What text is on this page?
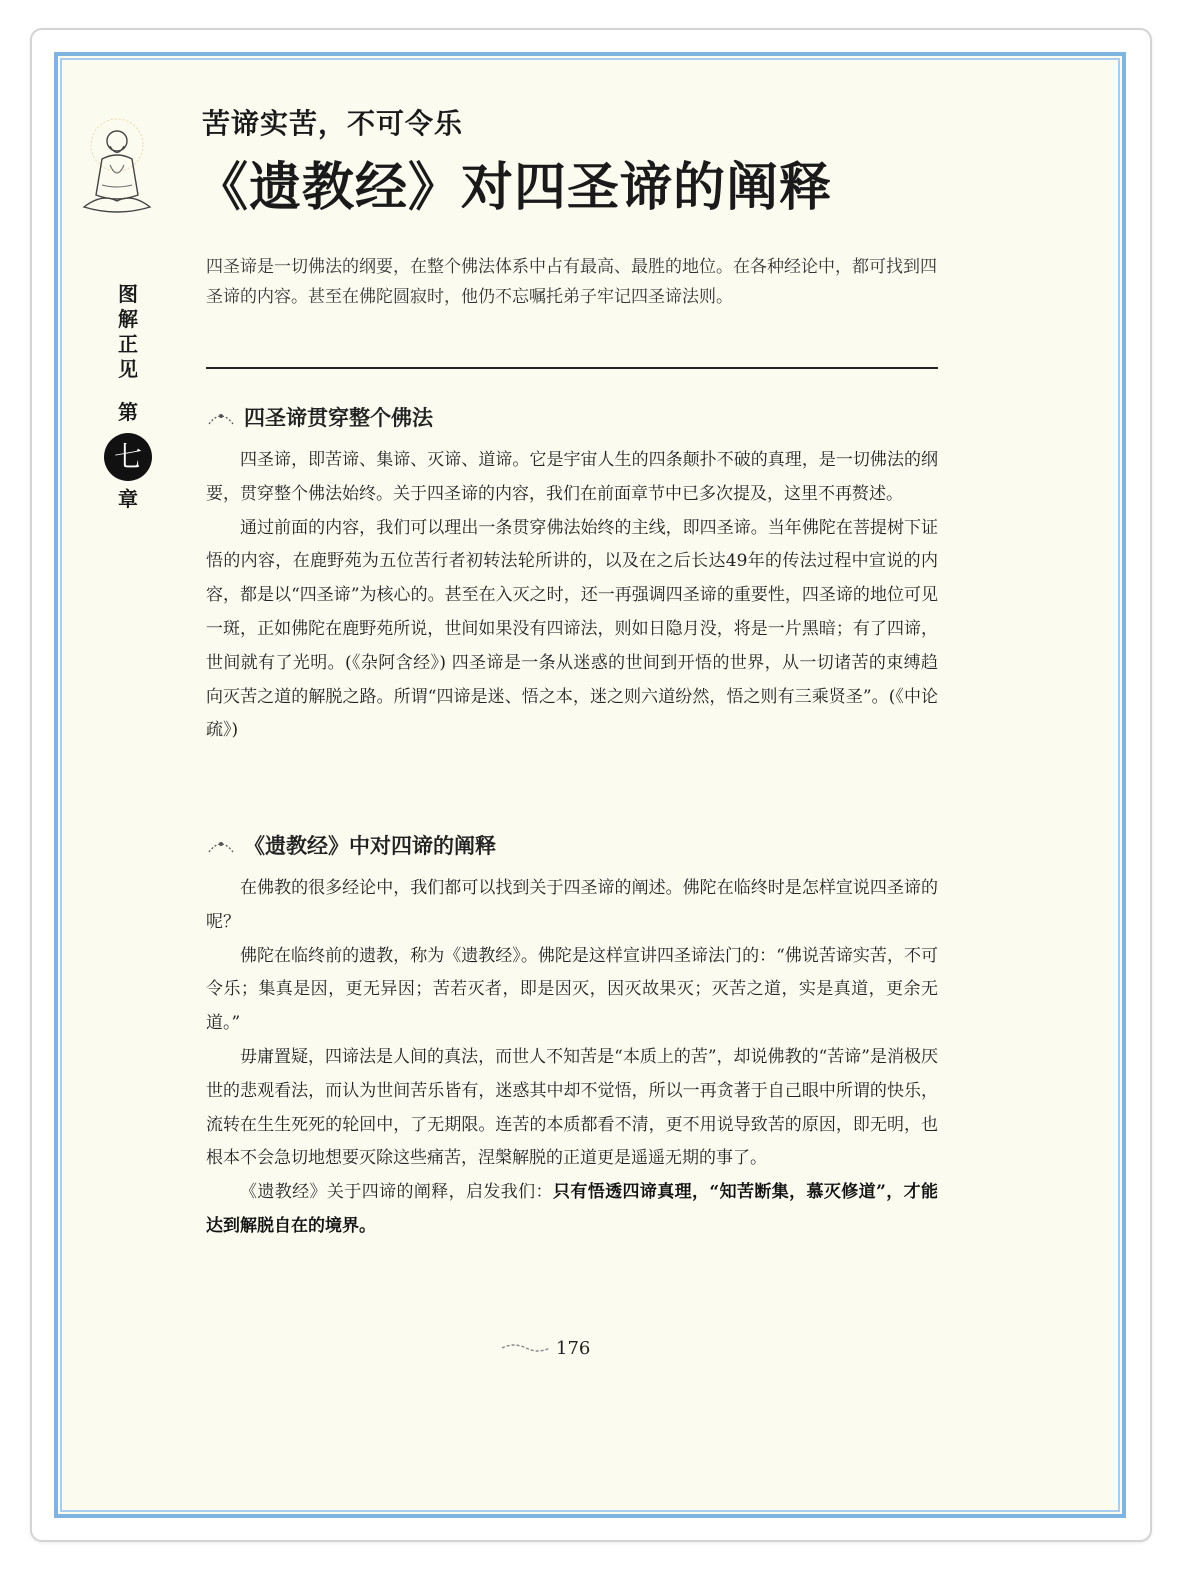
图
解
正
见
第
七
章
苦谛实苦，不可令乐
《遗教经》对四圣谛的阐释
四圣谛是一切佛法的纲要，在整个佛法体系中占有最高、最胜的地位。在各种经论中，都可找到四圣谛的内容。甚至在佛陀圆寂时，他仍不忘嘱托弟子牢记四圣谛法则。
四圣谛贯穿整个佛法

四圣谛，即苦谛、集谛、灭谛、道谛。它是宇宙人生的四条颠扑不破的真理，是一切佛法的纲要，贯穿整个佛法始终。关于四圣谛的内容，我们在前面章节中已多次提及，这里不再赘述。

通过前面的内容，我们可以理出一条贯穿佛法始终的主线，即四圣谛。当年佛陀在菩提树下证悟的内容，在鹿野苑为五位苦行者初转法轮所讲的，以及在之后长达49年的传法过程中宣说的内容，都是以“四圣谛”为核心的。甚至在入灭之时，还一再强调四圣谛的重要性，四圣谛的地位可见一斑，正如佛陀在鹿野苑所说，世间如果没有四谛法，则如日隐月没，将是一片黑暗；有了四谛，世间就有了光明。(《杂阿含经》) 四圣谛是一条从迷惑的世间到开悟的世界，从一切诸苦的束缚趋向灭苦之道的解脱之路。所谓“四谛是迷、悟之本，迷之则六道纷然，悟之则有三乘贤圣”。(《中论疏》)

《遗教经》中对四谛的阐释

在佛教的很多经论中，我们都可以找到关于四圣谛的阐述。佛陀在临终时是怎样宣说四圣谛的呢？

佛陀在临终前的遗教，称为《遗教经》。佛陀是这样宣讲四圣谛法门的：“佛说苦谛实苦，不可令乐；集真是因，更无异因；苦若灭者，即是因灭，因灭故果灭；灭苦之道，实是真道，更余无道。”

毋庸置疑，四谛法是人间的真法，而世人不知苦是“本质上的苦”，却说佛教的“苦谛”是消极厌世的悲观看法，而认为世间苦乐皆有，迷惑其中却不觉悟，所以一再贪著于自己眼中所谓的快乐，流转在生生死死的轮回中，了无期限。连苦的本质都看不清，更不用说导致苦的原因，即无明，也根本不会急切地想要灭除这些痛苦，涅槃解脱的正道更是遥遥无期的事了。

《遗教经》关于四谛的阐释，启发我们：只有悟透四谛真理，“知苦断集，慕灭修道”，才能达到解脱自在的境界。

176
